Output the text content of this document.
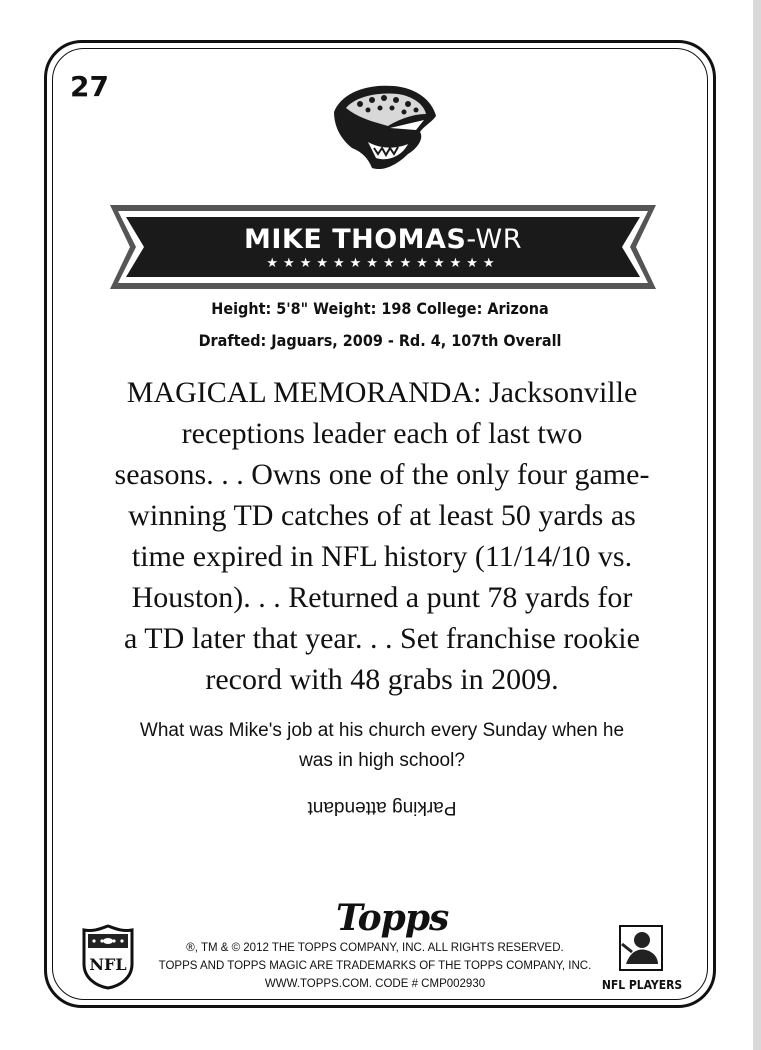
27
MIKE THOMAS-WR
★★★★★★★★★★★★★★
Height: 5'8" Weight: 198 College: Arizona
Drafted: Jaguars, 2009 - Rd. 4, 107th Overall
MAGICAL MEMORANDA: Jacksonville
receptions leader each of last two
seasons. . . Owns one of the only four game-
winning TD catches of at least 50 yards as
time expired in NFL history (11/14/10 vs.
Houston). . . Returned a punt 78 yards for
a TD later that year. . . Set franchise rookie
record with 48 grabs in 2009.
What was Mike's job at his church every Sunday when he
was in high school?
Parking attendant
NFL
Topps
®, TM & © 2012 THE TOPPS COMPANY, INC. ALL RIGHTS RESERVED.
TOPPS AND TOPPS MAGIC ARE TRADEMARKS OF THE TOPPS COMPANY, INC.
WWW.TOPPS.COM. CODE # CMP002930	NFL PLAYERS
